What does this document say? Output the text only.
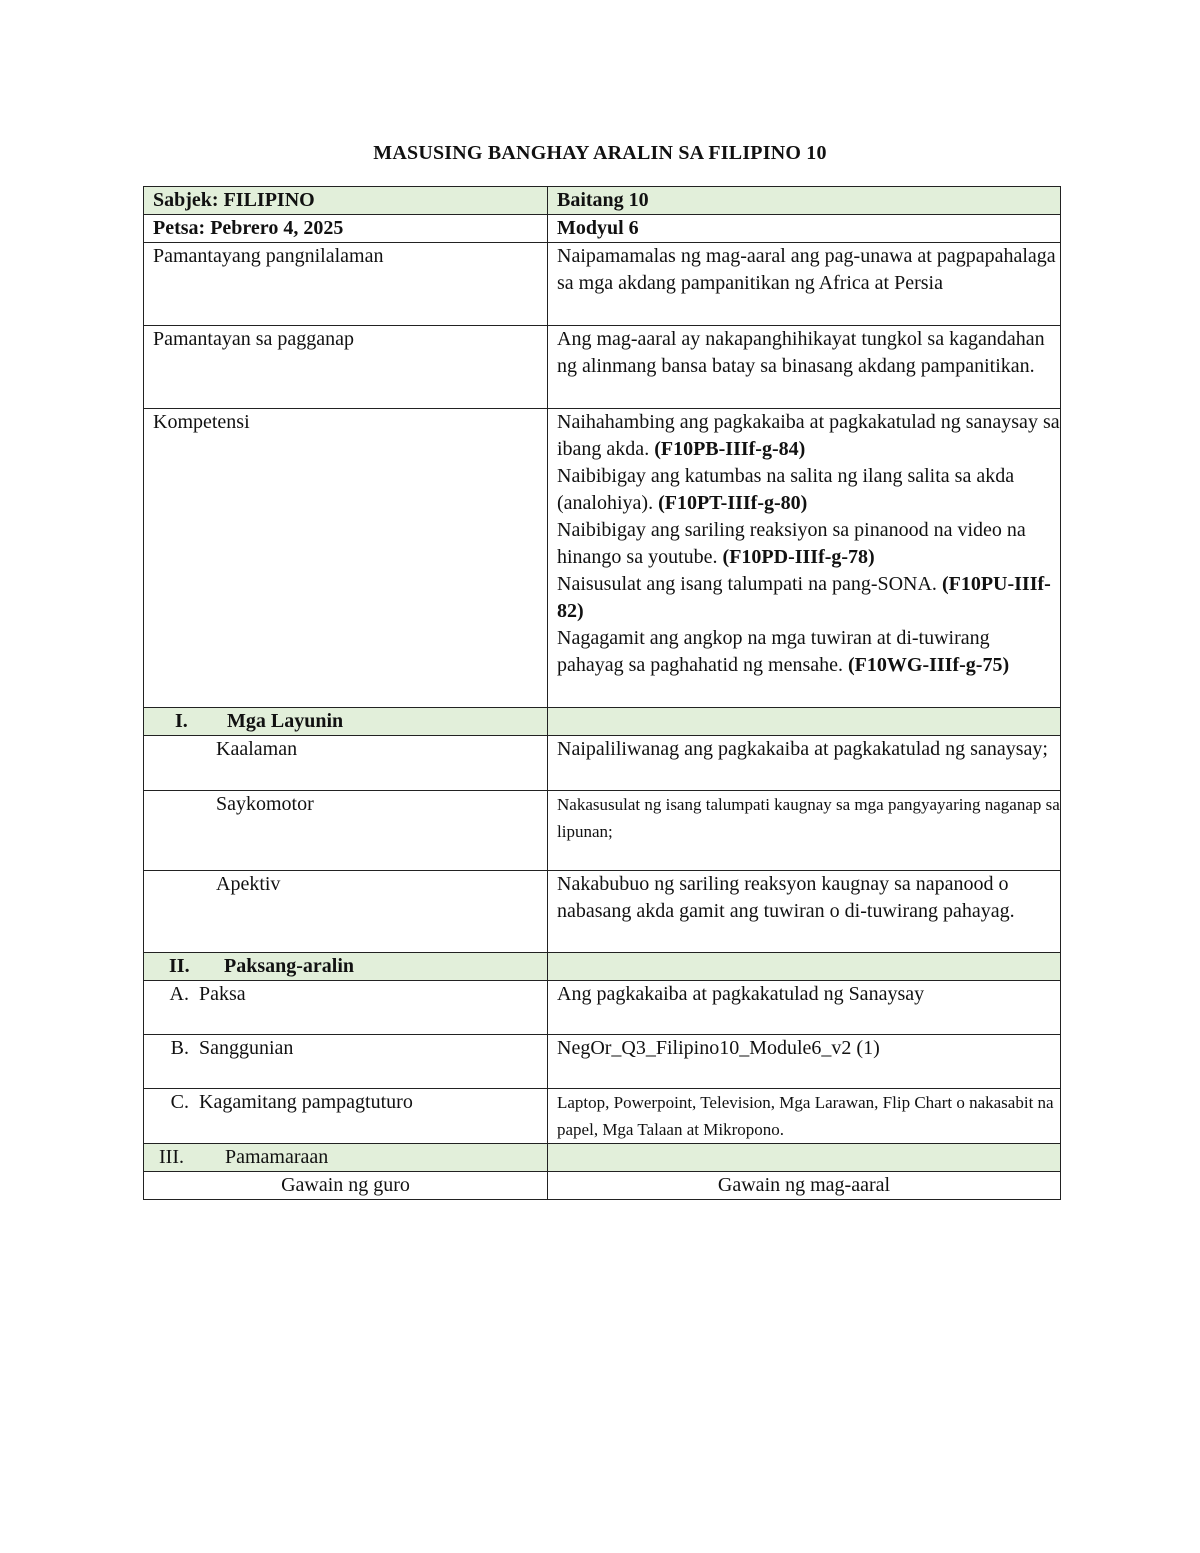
MASUSING BANGHAY ARALIN SA FILIPINO 10
Sabjek: FILIPINO	Baitang 10
Petsa: Pebrero 4, 2025	Modyul 6
Pamantayang pangnilalaman	Naipamamalas ng mag-aaral ang pag-unawa at pagpapahalaga sa mga akdang pampanitikan ng Africa at Persia
Pamantayan sa pagganap	Ang mag-aaral ay nakapanghihikayat tungkol sa kagandahan ng alinmang bansa batay sa binasang akdang pampanitikan.
Kompetensi	Naihahambing ang pagkakaiba at pagkakatulad ng sanaysay sa ibang akda. (F10PB-IIIf-g-84)
Naibibigay ang katumbas na salita ng ilang salita sa akda (analohiya). (F10PT-IIIf-g-80)
Naibibigay ang sariling reaksiyon sa pinanood na video na hinango sa youtube. (F10PD-IIIf-g-78)
Naisusulat ang isang talumpati na pang-SONA. (F10PU-IIIf-82)
Nagagamit ang angkop na mga tuwiran at di-tuwirang pahayag sa paghahatid ng mensahe. (F10WG-IIIf-g-75)

I. Mga Layunin	
Kaalaman	Naipaliliwanag ang pagkakaiba at pagkakatulad ng sanaysay;
Saykomotor	Nakasusulat ng isang talumpati kaugnay sa mga pangyayaring naganap sa lipunan;
Apektiv	Nakabubuo ng sariling reaksyon kaugnay sa napanood o nabasang akda gamit ang tuwiran o di-tuwirang pahayag.
II. Paksang-aralin	
A. Paksa	Ang pagkakaiba at pagkakatulad ng Sanaysay
B. Sanggunian	NegOr_Q3_Filipino10_Module6_v2 (1)
C. Kagamitang pampagtuturo	Laptop, Powerpoint, Television, Mga Larawan, Flip Chart o nakasabit na papel, Mga Talaan at Mikropono.
III. Pamamaraan	
Gawain ng guro	Gawain ng mag-aaral
